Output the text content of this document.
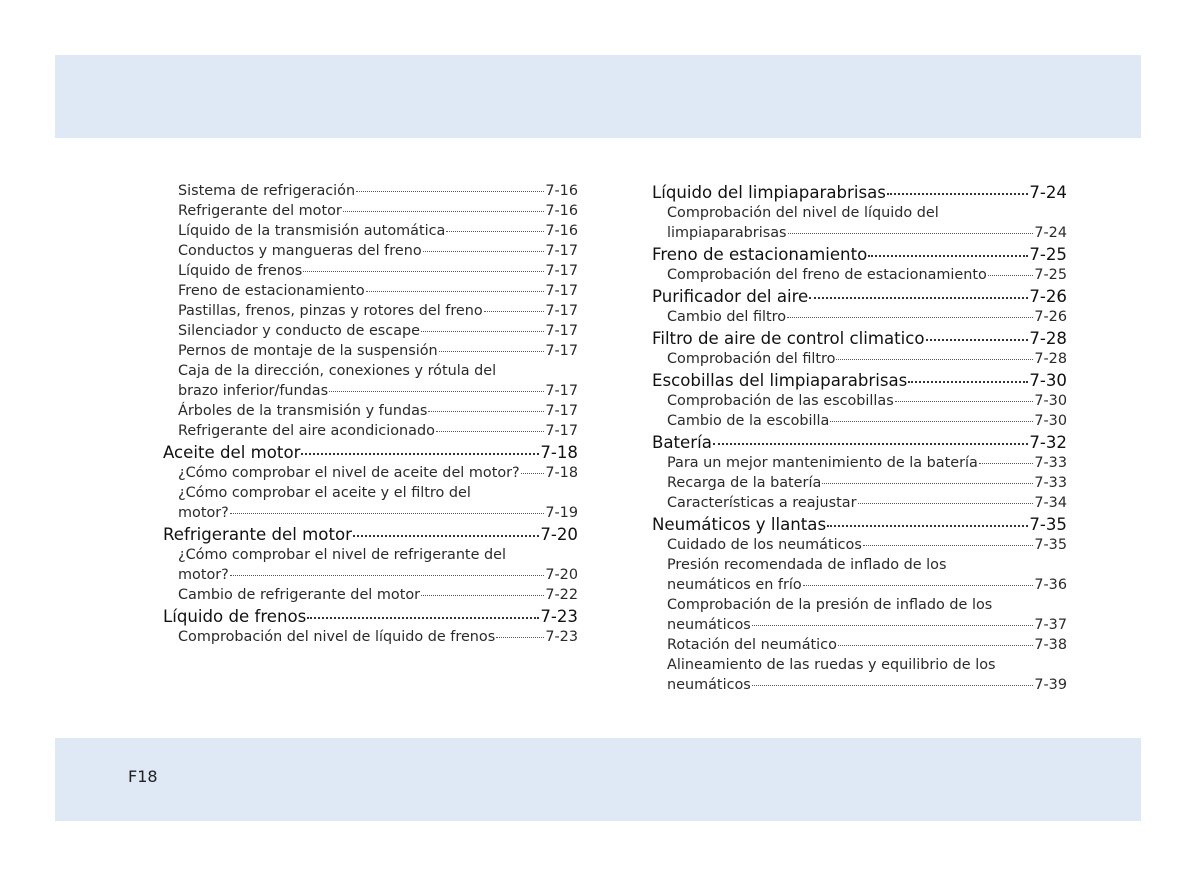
Sistema de refrigeración	7-16
Refrigerante del motor	7-16
Líquido de la transmisión automática	7-16
Conductos y mangueras del freno	7-17
Líquido de frenos	7-17
Freno de estacionamiento	7-17
Pastillas, frenos, pinzas y rotores del freno	7-17
Silenciador y conducto de escape	7-17
Pernos de montaje de la suspensión	7-17
Caja de la dirección, conexiones y rótula del
brazo inferior/fundas	7-17
Árboles de la transmisión y fundas	7-17
Refrigerante del aire acondicionado	7-17
Aceite del motor	7-18
¿Cómo comprobar el nivel de aceite del motor? 7-18
¿Cómo comprobar el aceite y el filtro del
motor?	7-19
Refrigerante del motor	7-20
¿Cómo comprobar el nivel de refrigerante del
motor?	7-20
Cambio de refrigerante del motor	7-22
Líquido de frenos	7-23
Comprobación del nivel de líquido de frenos	7-23
Líquido del limpiaparabrisas	7-24
Comprobación del nivel de líquido del
limpiaparabrisas	7-24
Freno de estacionamiento	7-25
Comprobación del freno de estacionamiento	7-25
Purificador del aire	7-26
Cambio del filtro	7-26
Filtro de aire de control climatico	7-28
Comprobación del filtro	7-28
Escobillas del limpiaparabrisas	7-30
Comprobación de las escobillas	7-30
Cambio de la escobilla	7-30
Batería	7-32
Para un mejor mantenimiento de la batería	7-33
Recarga de la batería	7-33
Características a reajustar	7-34
Neumáticos y llantas	7-35
Cuidado de los neumáticos	7-35
Presión recomendada de inflado de los
neumáticos en frío	7-36
Comprobación de la presión de inflado de los
neumáticos	7-37
Rotación del neumático	7-38
Alineamiento de las ruedas y equilibrio de los
neumáticos	7-39
F18
